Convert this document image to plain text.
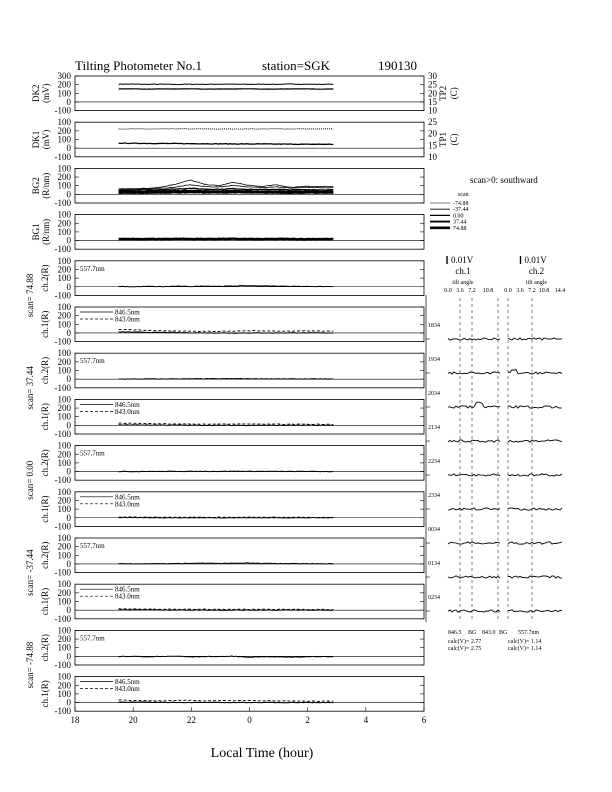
Tilting Photometer No.1	station=SGK	190130
-100
0
100
200
300
DK2 (mV)
30
25
20
15
10
TP2 (C)
-100
0
100
200
100
DK1 (mV)
25
20
15
10
TP1 (C)
-100
0
100
200
100
BG2 (R/nm)
-100
0
100
200
100
BG1 (R/nm)
-100
0
100
200
100
ch.2(R)
scan= 74.88
557.7nm
-100
0
100
200
100
ch.1(R)	846.5nm
843.0nm
-100
0
100
200
100
ch.2(R)
scan= 37.44
557.7nm
-100
0
100
200
100
ch.1(R)	846.5nm
843.0nm
-100
0
100
200
100
ch.2(R)
scan= 0.00
557.7nm
-100
0
100
200
100
ch.1(R)	846.5nm
843.0nm
-100
0
100
200
100
ch.2(R)
scan= -37.44
557.7nm
-100
0
100
200
100
ch.1(R)	846.5nm
843.0nm
-100
0
100
200
100
ch.2(R)
scan= -74.88
557.7nm
-100
0
100
200
100
ch.1(R)	846.5nm
843.0nm
18	20	22	0	2	4	6
Local Time (hour)
scan>0: southward
scan
-74.88
-37.44
0.00
37.44
74.88
0.01V
ch.1
tilt angle
0.01V
ch.2
tilt angle
0.0 3.6 7.2 10.8 0.0 3.6 7.2 10.8 14.4
1834
1934
2034
2134
2234
2334
0034
0134
0234
846.5 BG 843.0 BG 557.7nm
calc(V)= 2.77
calc(V)= 2.75
calc(V)= 1.14
calc(V)= 1.14
